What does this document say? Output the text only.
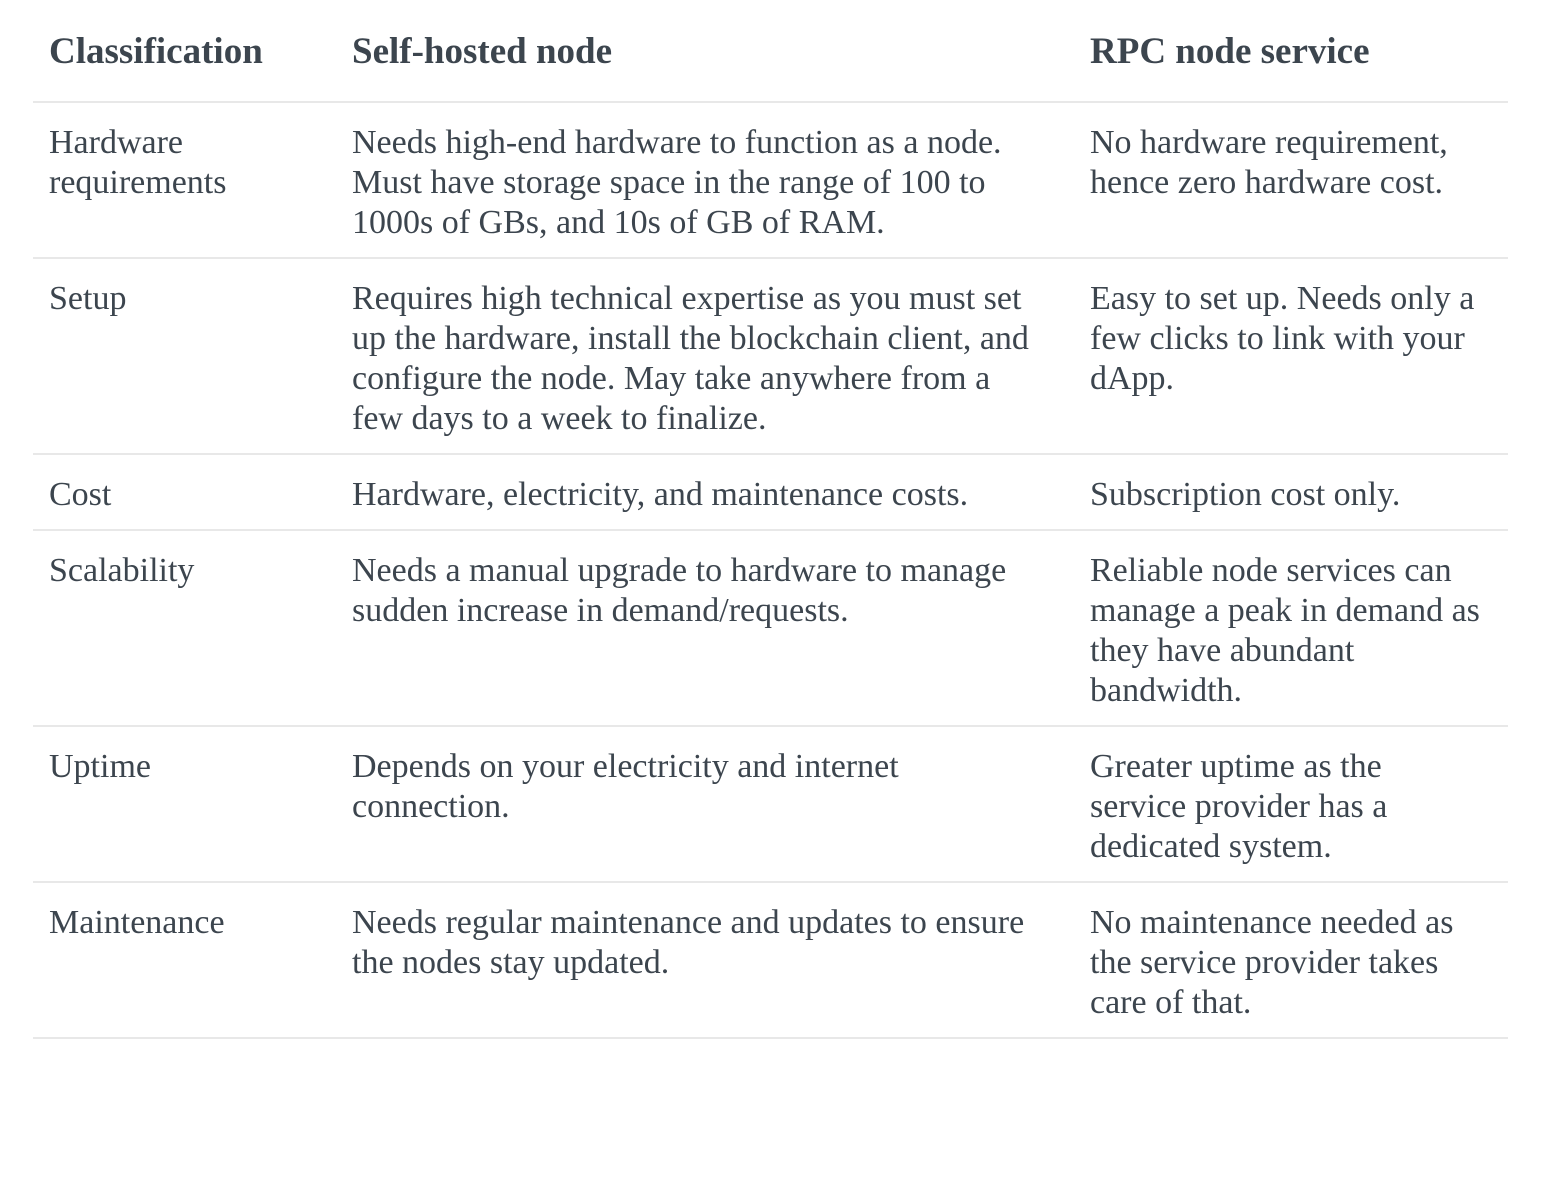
Classification	Self-hosted node	RPC node service
Hardware requirements	Needs high-end hardware to function as a node. Must have storage space in the range of 100 to 1000s of GBs, and 10s of GB of RAM.	No hardware requirement, hence zero hardware cost.
Setup	Requires high technical expertise as you must set up the hardware, install the blockchain client, and configure the node. May take anywhere from a few days to a week to finalize.	Easy to set up. Needs only a few clicks to link with your dApp.
Cost	Hardware, electricity, and maintenance costs.	Subscription cost only.
Scalability	Needs a manual upgrade to hardware to manage sudden increase in demand/requests.	Reliable node services can manage a peak in demand as they have abundant bandwidth.
Uptime	Depends on your electricity and internet connection.	Greater uptime as the service provider has a dedicated system.
Maintenance	Needs regular maintenance and updates to ensure the nodes stay updated.	No maintenance needed as the service provider takes care of that.
